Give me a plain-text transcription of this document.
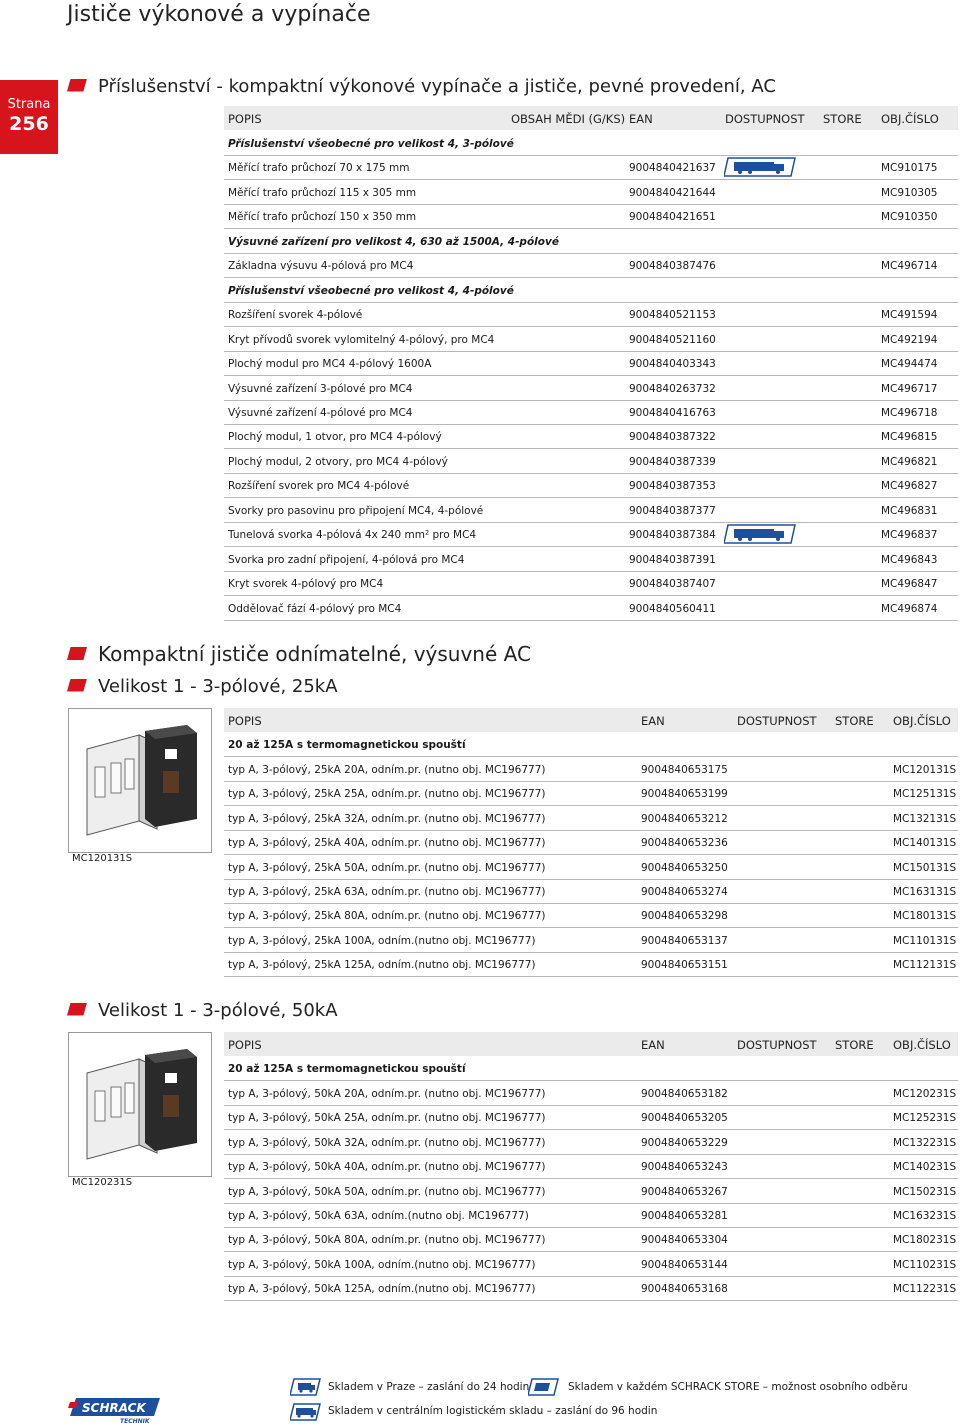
Jističe výkonové a vypínače
Strana
256
Příslušenství - kompaktní výkonové vypínače a jističe, pevné provedení, AC
POPIS	OBSAH MĚDI (G/KS) EAN	DOSTUPNOST STORE OBJ.ČÍSLO
Příslušenství všeobecné pro velikost 4, 3-pólové
Měřící trafo průchozí 70 x 175 mm	9004840421637	MC910175
Měřící trafo průchozí 115 x 305 mm	9004840421644	MC910305
Měřící trafo průchozí 150 x 350 mm	9004840421651	MC910350
Výsuvné zařízení pro velikost 4, 630 až 1500A, 4-pólové
Základna výsuvu 4-pólová pro MC4	9004840387476	MC496714
Příslušenství všeobecné pro velikost 4, 4-pólové
Rozšíření svorek 4-pólové	9004840521153	MC491594
Kryt přívodů svorek vylomitelný 4-pólový, pro MC4	9004840521160	MC492194
Plochý modul pro MC4 4-pólový 1600A	9004840403343	MC494474
Výsuvné zařízení 3-pólové pro MC4	9004840263732	MC496717
Výsuvné zařízení 4-pólové pro MC4	9004840416763	MC496718
Plochý modul, 1 otvor, pro MC4 4-pólový	9004840387322	MC496815
Plochý modul, 2 otvory, pro MC4 4-pólový	9004840387339	MC496821
Rozšíření svorek pro MC4 4-pólové	9004840387353	MC496827
Svorky pro pasovinu pro připojení MC4, 4-pólové	9004840387377	MC496831
Tunelová svorka 4-pólová 4x 240 mm² pro MC4	9004840387384	MC496837
Svorka pro zadní připojení, 4-pólová pro MC4	9004840387391	MC496843
Kryt svorek 4-pólový pro MC4	9004840387407	MC496847
Oddělovač fází 4-pólový pro MC4	9004840560411	MC496874
Kompaktní jističe odnímatelné, výsuvné AC
Velikost 1 - 3-pólové, 25kA
MC120131S
POPIS	EAN	DOSTUPNOST STORE OBJ.ČÍSLO
20 až 125A s termomagnetickou spouští
typ A, 3-pólový, 25kA 20A, odním.pr. (nutno obj. MC196777)	9004840653175	MC120131S
typ A, 3-pólový, 25kA 25A, odním.pr. (nutno obj. MC196777)	9004840653199	MC125131S
typ A, 3-pólový, 25kA 32A, odním.pr. (nutno obj. MC196777)	9004840653212	MC132131S
typ A, 3-pólový, 25kA 40A, odním.pr. (nutno obj. MC196777)	9004840653236	MC140131S
typ A, 3-pólový, 25kA 50A, odním.pr. (nutno obj. MC196777)	9004840653250	MC150131S
typ A, 3-pólový, 25kA 63A, odním.pr. (nutno obj. MC196777)	9004840653274	MC163131S
typ A, 3-pólový, 25kA 80A, odním.pr. (nutno obj. MC196777)	9004840653298	MC180131S
typ A, 3-pólový, 25kA 100A, odním.(nutno obj. MC196777)	9004840653137	MC110131S
typ A, 3-pólový, 25kA 125A, odním.(nutno obj. MC196777)	9004840653151	MC112131S
Velikost 1 - 3-pólové, 50kA
MC120231S
POPIS	EAN	DOSTUPNOST STORE OBJ.ČÍSLO
20 až 125A s termomagnetickou spouští
typ A, 3-pólový, 50kA 20A, odním.pr. (nutno obj. MC196777)	9004840653182	MC120231S
typ A, 3-pólový, 50kA 25A, odním.pr. (nutno obj. MC196777)	9004840653205	MC125231S
typ A, 3-pólový, 50kA 32A, odním.pr. (nutno obj. MC196777)	9004840653229	MC132231S
typ A, 3-pólový, 50kA 40A, odním.pr. (nutno obj. MC196777)	9004840653243	MC140231S
typ A, 3-pólový, 50kA 50A, odním.pr. (nutno obj. MC196777)	9004840653267	MC150231S
typ A, 3-pólový, 50kA 63A, odním.(nutno obj. MC196777)	9004840653281	MC163231S
typ A, 3-pólový, 50kA 80A, odním.pr. (nutno obj. MC196777)	9004840653304	MC180231S
typ A, 3-pólový, 50kA 100A, odním.(nutno obj. MC196777)	9004840653144	MC110231S
typ A, 3-pólový, 50kA 125A, odním.(nutno obj. MC196777)	9004840653168	MC112231S
Skladem v Praze – zaslání do 24 hodin	Skladem v každém SCHRACK STORE – možnost osobního odběru
Skladem v centrálním logistickém skladu – zaslání do 96 hodin
SCHRACK
TECHNIK
